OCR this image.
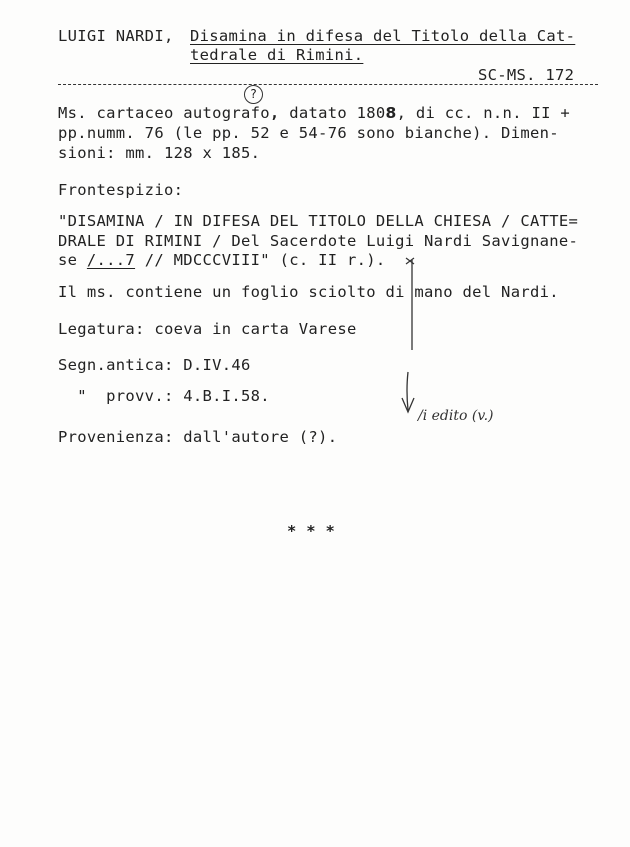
LUIGI NARDI, Disamina in difesa del Titolo della Cat-
tedrale di Rimini.
SC-MS. 172
?
Ms. cartaceo autografo, datato 1808, di cc. n.n. II +
pp.numm. 76 (le pp. 52 e 54-76 sono bianche). Dimen-
sioni: mm. 128 x 185.
Frontespizio:
"DISAMINA / IN DIFESA DEL TITOLO DELLA CHIESA / CATTE=
DRALE DI RIMINI / Del Sacerdote Luigi Nardi Savignane-
se /...7 // MDCCCVIII" (c. II r.).
Il ms. contiene un foglio sciolto di mano del Nardi.
Legatura: coeva in carta Varese
Segn.antica: D.IV.46
"  provv.: 4.B.I.58.
Provenienza: dall'autore (?).
/i edito (v.)
* * *
